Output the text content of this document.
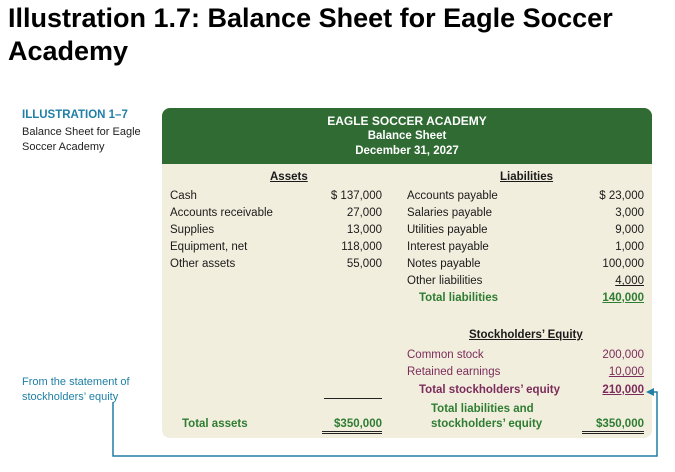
Illustration 1.7: Balance Sheet for Eagle Soccer Academy
ILLUSTRATION 1–7
Balance Sheet for Eagle Soccer Academy
From the statement of stockholders’ equity
EAGLE SOCCER ACADEMY
Balance Sheet
December 31, 2027
Assets
Cash	$ 137,000
Accounts receivable	27,000
Supplies	13,000
Equipment, net	118,000
Other assets	55,000
Total assets	$350,000
Liabilities
Accounts payable	$ 23,000
Salaries payable	3,000
Utilities payable	9,000
Interest payable	1,000
Notes payable	100,000
Other liabilities	4,000
Total liabilities	140,000
Stockholders’ Equity
Common stock	200,000
Retained earnings	10,000
Total stockholders’ equity	210,000
Total liabilities and
stockholders’ equity	$350,000
